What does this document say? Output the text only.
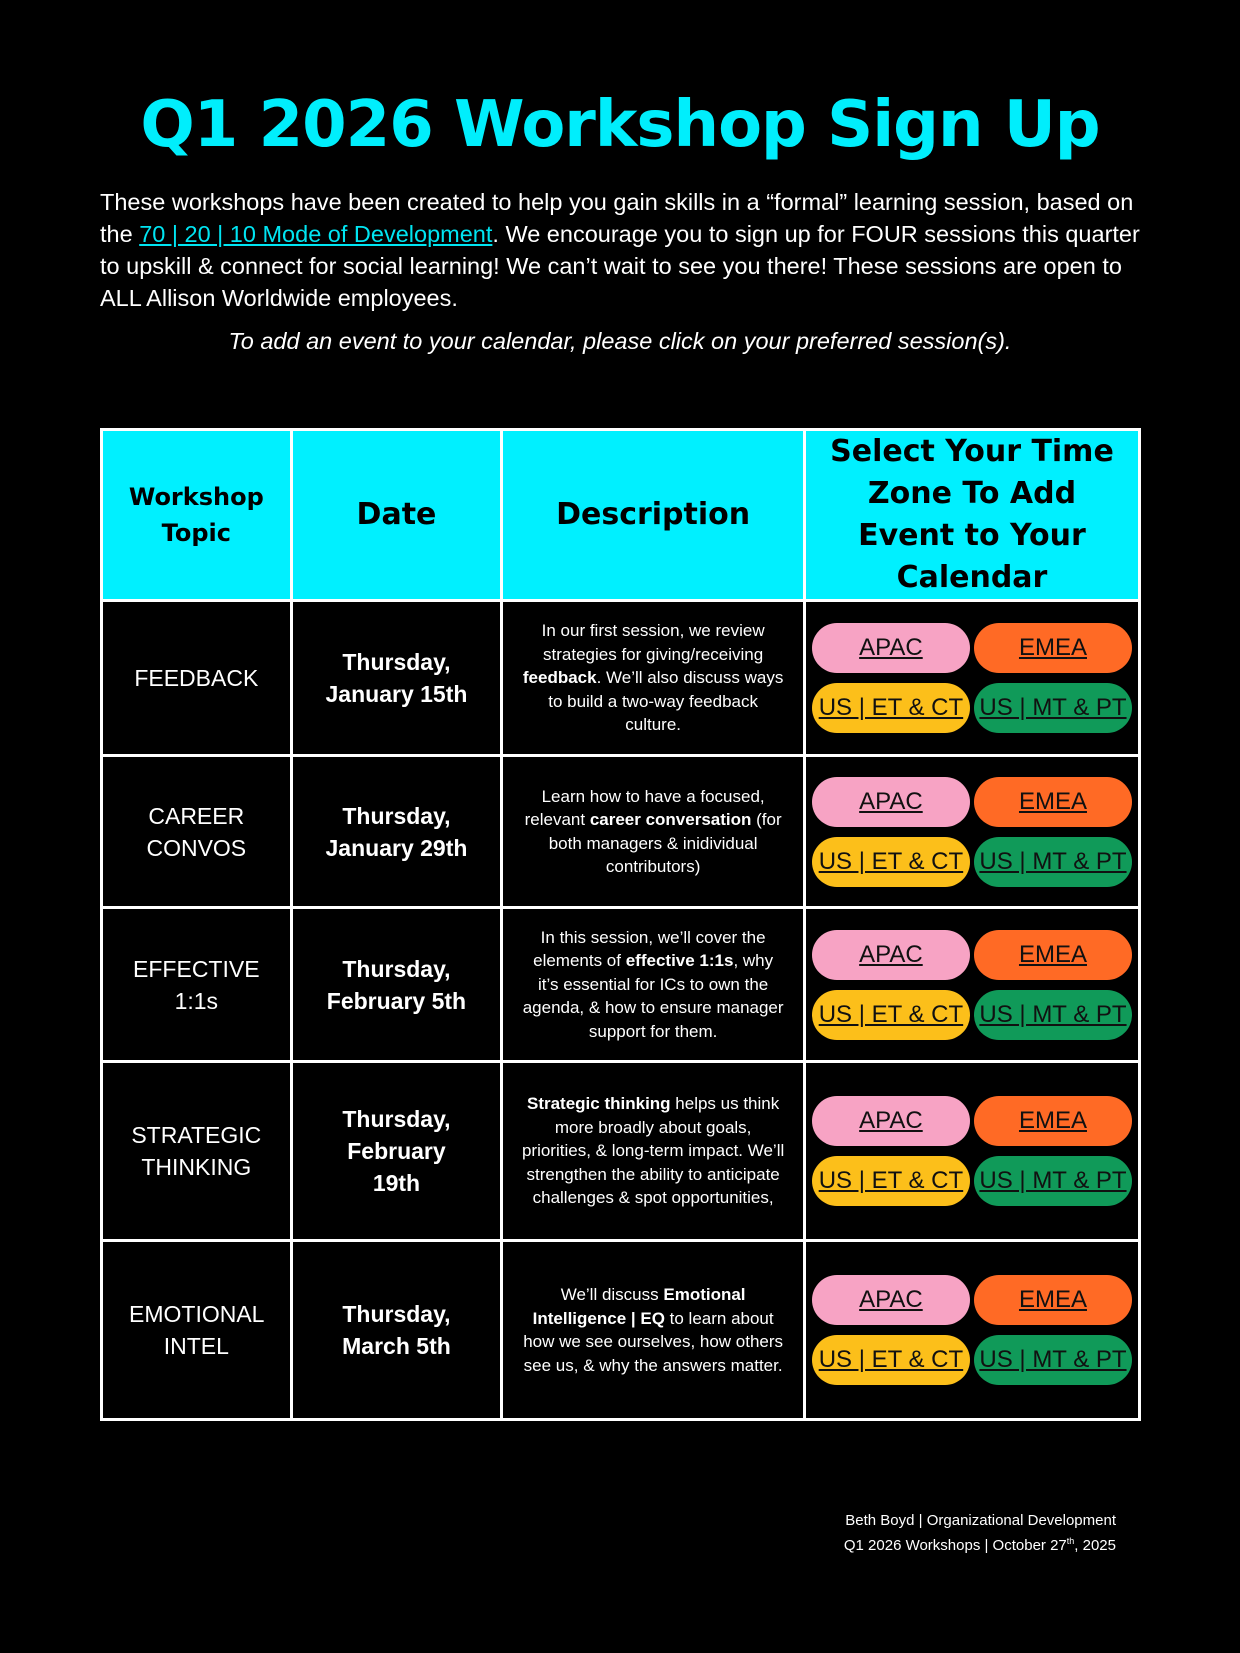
Q1 2026 Workshop Sign Up

These workshops have been created to help you gain skills in a “formal” learning session, based on the 70 | 20 | 10 Mode of Development. We encourage you to sign up for FOUR sessions this quarter to upskill & connect for social learning! We can’t wait to see you there! These sessions are open to ALL Allison Worldwide employees.

To add an event to your calendar, please click on your preferred session(s).

Workshop Topic	Date	Description	Select Your Time Zone To Add Event to Your Calendar
FEEDBACK	Thursday, January 15th	In our first session, we review strategies for giving/receiving feedback. We’ll also discuss ways to build a two-way feedback culture.	APAC EMEA
US | ET & CT US | MT & PT

CAREER CONVOS	Thursday, January 29th	Learn how to have a focused, relevant career conversation (for both managers & inidividual contributors)	APAC EMEA
US | ET & CT US | MT & PT

EFFECTIVE 1:1s	Thursday, February 5th	In this session, we’ll cover the elements of effective 1:1s, why it’s essential for ICs to own the agenda, & how to ensure manager support for them.	APAC EMEA
US | ET & CT US | MT & PT

STRATEGIC THINKING	Thursday, February 19th	Strategic thinking helps us think more broadly about goals, priorities, & long-term impact. We’ll strengthen the ability to anticipate challenges & spot opportunities,	APAC EMEA
US | ET & CT US | MT & PT

EMOTIONAL INTEL	Thursday, March 5th	We’ll discuss Emotional Intelligence | EQ to learn about how we see ourselves, how others see us, & why the answers matter.	APAC EMEA
US | ET & CT US | MT & PT
Beth Boyd | Organizational Development
Q1 2026 Workshops | October 27th, 2025
